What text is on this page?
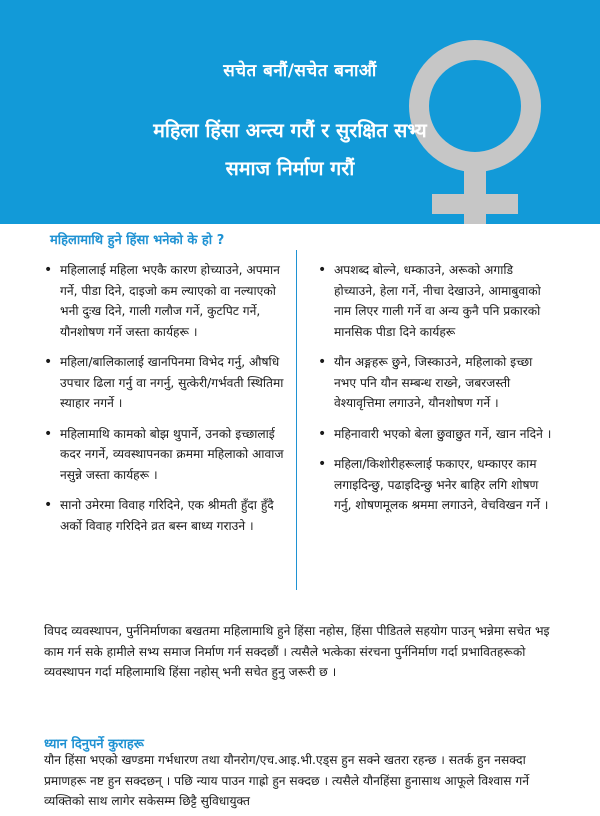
सचेत बनौं/सचेत बनाऔं
महिला हिंसा अन्त्य गरौं र सुरक्षित सभ्य
समाज निर्माण गरौं
महिलामाथि हुने हिंसा भनेको के हो ?
• महिलालाई महिला भएकै कारण होच्याउने, अपमान गर्ने, पीडा दिने, दाइजो कम ल्याएको वा नल्याएको भनी दुःख दिने, गाली गलौज गर्ने, कुटपिट गर्ने, यौनशोषण गर्ने जस्ता कार्यहरू ।
• महिला/बालिकालाई खानपिनमा विभेद गर्नु, औषधि उपचार ढिला गर्नु वा नगर्नु, सुत्केरी/गर्भवती स्थितिमा स्याहार नगर्ने ।
• महिलामाथि कामको बोझ थुपार्ने, उनको इच्छालाई कदर नगर्ने, व्यवस्थापनका क्रममा महिलाको आवाज नसुन्ने जस्ता कार्यहरू ।
• सानो उमेरमा विवाह गरिदिने, एक श्रीमती हुँदा हुँदै अर्को विवाह गरिदिने व्रत बस्न बाध्य गराउने ।
• अपशब्द बोल्ने, धम्काउने, अरूको अगाडि होच्याउने, हेला गर्ने, नीचा देखाउने, आमाबुवाको नाम लिएर गाली गर्ने वा अन्य कुनै पनि प्रकारको मानसिक पीडा दिने कार्यहरू
• यौन अङ्गहरू छुने, जिस्काउने, महिलाको इच्छा नभए पनि यौन सम्बन्ध राख्ने, जबरजस्ती वेश्यावृत्तिमा लगाउने, यौनशोषण गर्ने ।
• महिनावारी भएको बेला छुवाछुत गर्ने, खान नदिने ।
• महिला/किशोरीहरूलाई फकाएर, धम्काएर काम लगाइदिन्छु, पढाइदिन्छु भनेर बाहिर लगि शोषण गर्नु, शोषणमूलक श्रममा लगाउने, वेचविखन गर्ने ।

विपद व्यवस्थापन, पुर्ननिर्माणका बखतमा महिलामाथि हुने हिंसा नहोस, हिंसा पीडितले सहयोग पाउन् भन्नेमा सचेत भइ काम गर्न सके हामीले सभ्य समाज निर्माण गर्न सक्दछौं । त्यसैले भत्केका संरचना पुर्ननिर्माण गर्दा प्रभावितहरूको व्यवस्थापन गर्दा महिलामाथि हिंसा नहोस् भनी सचेत हुनु जरूरी छ ।

ध्यान दिनुपर्ने कुराहरू

यौन हिंसा भएको खण्डमा गर्भधारण तथा यौनरोग/एच.आइ.भी.एड्स हुन सक्ने खतरा रहन्छ । सतर्क हुन नसक्दा प्रमाणहरू नष्ट हुन सक्दछन् । पछि न्याय पाउन गाह्रो हुन सक्दछ । त्यसैले यौनहिंसा हुनासाथ आफूले विश्वास गर्ने व्यक्तिको साथ लागेर सकेसम्म छिट्टै सुविधायुक्त
